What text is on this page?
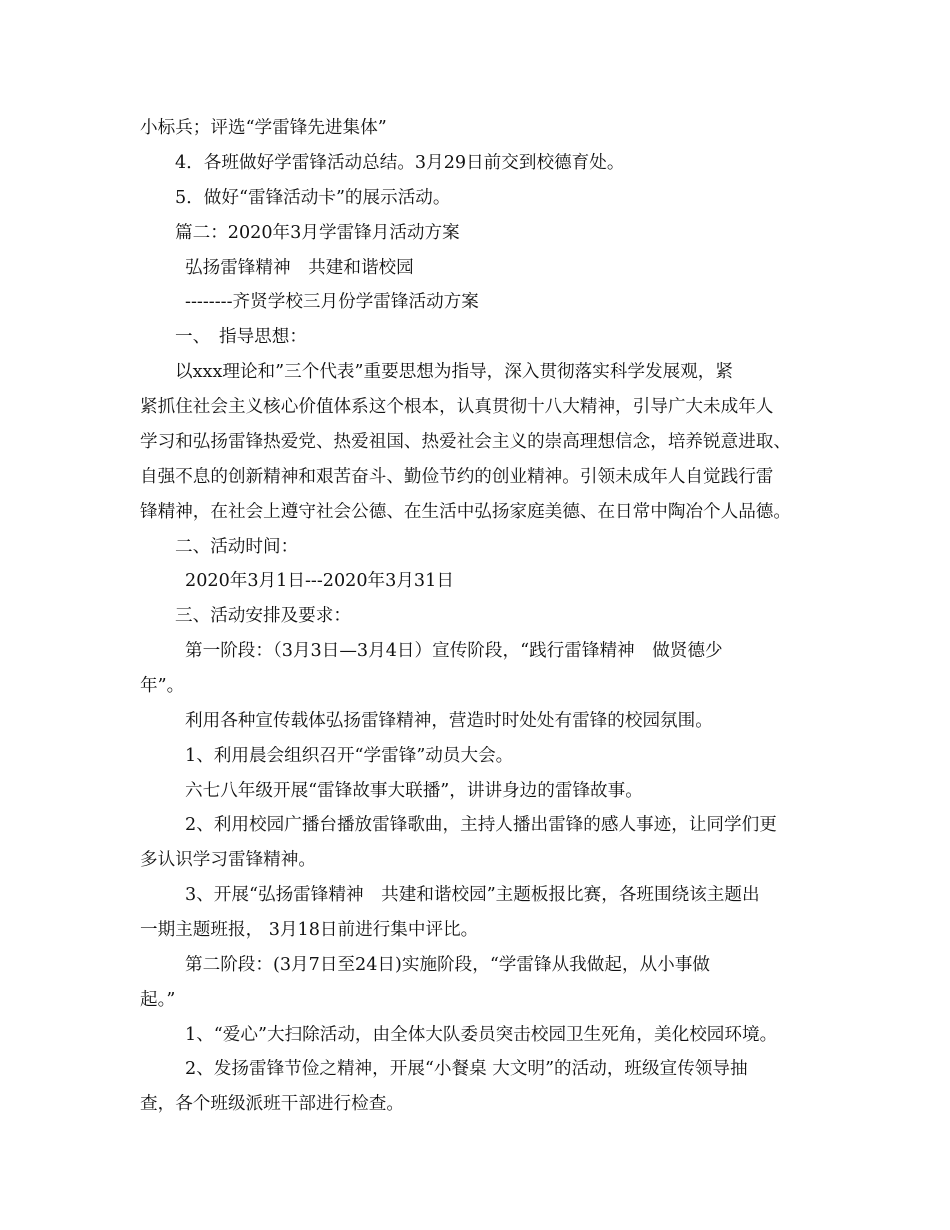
小标兵；评选“学雷锋先进集体”
4．各班做好学雷锋活动总结。3月29日前交到校德育处。
5．做好“雷锋活动卡”的展示活动。
篇二：2020年3月学雷锋月活动方案
弘扬雷锋精神　共建和谐校园
--------齐贤学校三月份学雷锋活动方案
一、　指导思想：
以xxx理论和”三个代表”重要思想为指导，深入贯彻落实科学发展观，紧
紧抓住社会主义核心价值体系这个根本，认真贯彻十八大精神，引导广大未成年人
学习和弘扬雷锋热爱党、热爱祖国、热爱社会主义的崇高理想信念，培养锐意进取、
自强不息的创新精神和艰苦奋斗、勤俭节约的创业精神。引领未成年人自觉践行雷
锋精神，在社会上遵守社会公德、在生活中弘扬家庭美德、在日常中陶冶个人品德。
二、活动时间：
2020年3月1日---2020年3月31日
三、活动安排及要求：
第一阶段：（3月3日—3月4日）宣传阶段，“践行雷锋精神　做贤德少
年”。
利用各种宣传载体弘扬雷锋精神，营造时时处处有雷锋的校园氛围。
1、利用晨会组织召开“学雷锋”动员大会。
六七八年级开展“雷锋故事大联播”，讲讲身边的雷锋故事。
2、利用校园广播台播放雷锋歌曲，主持人播出雷锋的感人事迹，让同学们更
多认识学习雷锋精神。
3、开展“弘扬雷锋精神　共建和谐校园”主题板报比赛，各班围绕该主题出
一期主题班报， 3月18日前进行集中评比。
第二阶段：(3月7日至24日)实施阶段，“学雷锋从我做起，从小事做
起。”
1、“爱心”大扫除活动，由全体大队委员突击校园卫生死角，美化校园环境。
2、发扬雷锋节俭之精神，开展“小餐桌 大文明”的活动，班级宣传领导抽
查，各个班级派班干部进行检查。
